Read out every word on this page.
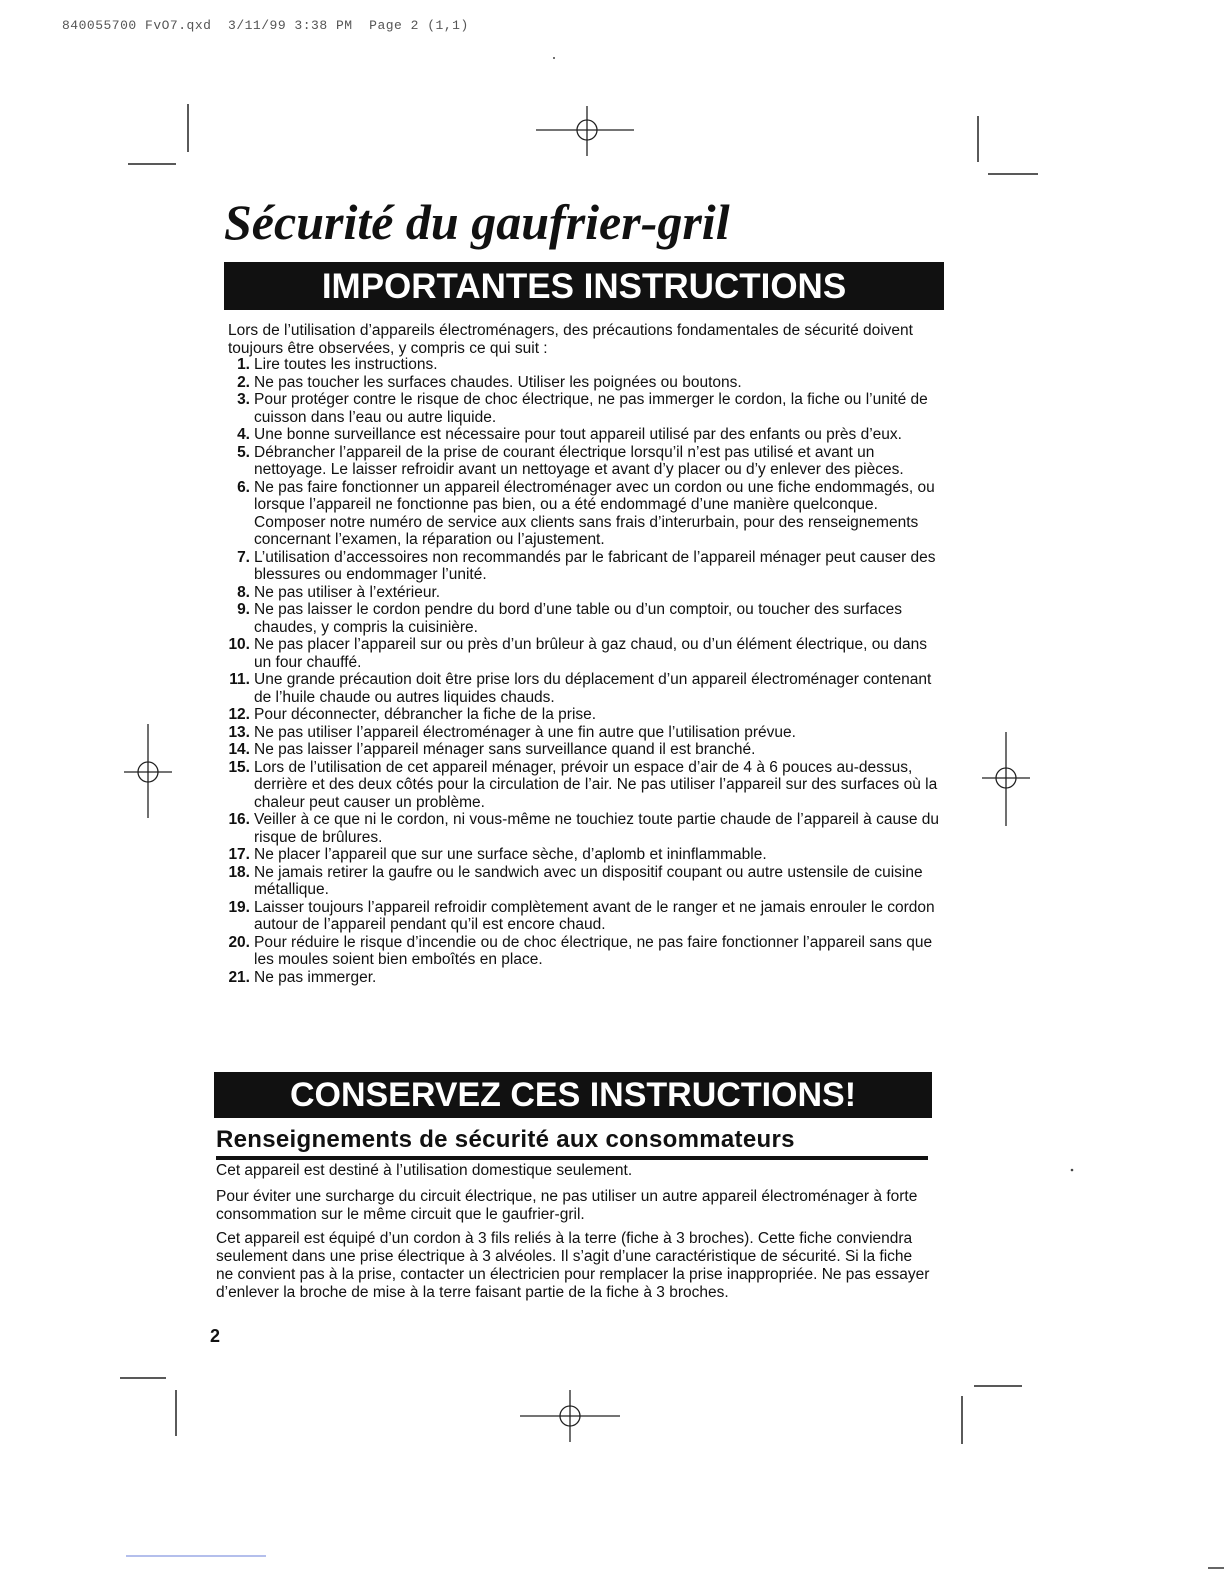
840055700 FvO7.qxd  3/11/99 3:38 PM  Page 2 (1,1)
Sécurité du gaufrier-gril
IMPORTANTES INSTRUCTIONS

Lors de l’utilisation d’appareils électroménagers, des précautions fondamentales de sécurité doivent toujours être observées, y compris ce qui suit :

1. Lire toutes les instructions.
2. Ne pas toucher les surfaces chaudes. Utiliser les poignées ou boutons.
3. Pour protéger contre le risque de choc électrique, ne pas immerger le cordon, la fiche ou l’unité de cuisson dans l’eau ou autre liquide.
4. Une bonne surveillance est nécessaire pour tout appareil utilisé par des enfants ou près d’eux.
5. Débrancher l’appareil de la prise de courant électrique lorsqu’il n’est pas utilisé et avant un nettoyage. Le laisser refroidir avant un nettoyage et avant d’y placer ou d’y enlever des pièces.
6. Ne pas faire fonctionner un appareil électroménager avec un cordon ou une fiche endommagés, ou lorsque l’appareil ne fonctionne pas bien, ou a été endommagé d’une manière quelconque. Composer notre numéro de service aux clients sans frais d’interurbain, pour des renseignements concernant l’examen, la réparation ou l’ajustement.
7. L’utilisation d’accessoires non recommandés par le fabricant de l’appareil ménager peut causer des blessures ou endommager l’unité.
8. Ne pas utiliser à l’extérieur.
9. Ne pas laisser le cordon pendre du bord d’une table ou d’un comptoir, ou toucher des surfaces chaudes, y compris la cuisinière.
10. Ne pas placer l’appareil sur ou près d’un brûleur à gaz chaud, ou d’un élément électrique, ou dans un four chauffé.
11. Une grande précaution doit être prise lors du déplacement d’un appareil électroménager contenant de l’huile chaude ou autres liquides chauds.
12. Pour déconnecter, débrancher la fiche de la prise.
13. Ne pas utiliser l’appareil électroménager à une fin autre que l’utilisation prévue.
14. Ne pas laisser l’appareil ménager sans surveillance quand il est branché.
15. Lors de l’utilisation de cet appareil ménager, prévoir un espace d’air de 4 à 6 pouces au-dessus, derrière et des deux côtés pour la circulation de l’air. Ne pas utiliser l’appareil sur des surfaces où la chaleur peut causer un problème.
16. Veiller à ce que ni le cordon, ni vous-même ne touchiez toute partie chaude de l’appareil à cause du risque de brûlures.
17. Ne placer l’appareil que sur une surface sèche, d’aplomb et ininflammable.
18. Ne jamais retirer la gaufre ou le sandwich avec un dispositif coupant ou autre ustensile de cuisine métallique.
19. Laisser toujours l’appareil refroidir complètement avant de le ranger et ne jamais enrouler le cordon autour de l’appareil pendant qu’il est encore chaud.
20. Pour réduire le risque d’incendie ou de choc électrique, ne pas faire fonctionner l’appareil sans que les moules soient bien emboîtés en place.
21. Ne pas immerger.
CONSERVEZ CES INSTRUCTIONS!
Renseignements de sécurité aux consommateurs

Cet appareil est destiné à l’utilisation domestique seulement.

Pour éviter une surcharge du circuit électrique, ne pas utiliser un autre appareil électroménager à forte consommation sur le même circuit que le gaufrier-gril.

Cet appareil est équipé d’un cordon à 3 fils reliés à la terre (fiche à 3 broches). Cette fiche conviendra seulement dans une prise électrique à 3 alvéoles. Il s’agit d’une caractéristique de sécurité. Si la fiche ne convient pas à la prise, contacter un électricien pour remplacer la prise inappropriée. Ne pas essayer d’enlever la broche de mise à la terre faisant partie de la fiche à 3 broches.

2
